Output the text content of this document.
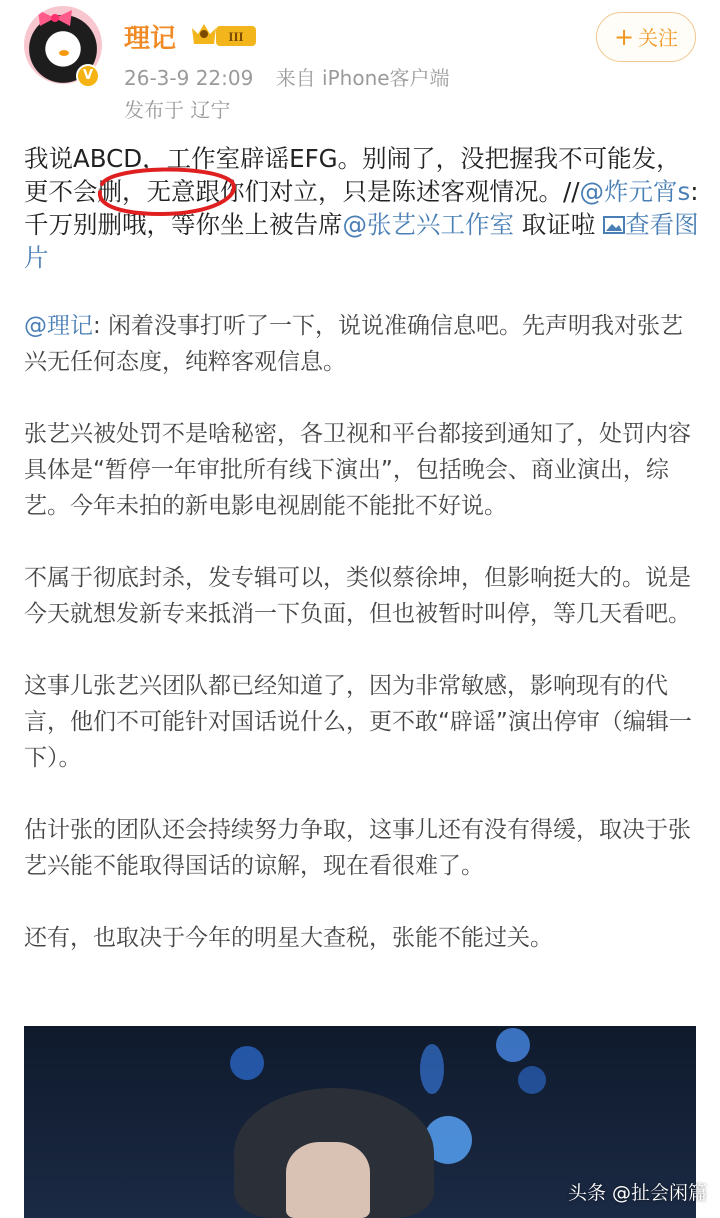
V
理记	III
26-3-9 22:09 来自 iPhone客户端
发布于 辽宁
+ 关注
我说ABCD，工作室辟谣EFG。别闹了，没把握我不可能发，更不会删，无意跟你们对立，只是陈述客观情况。//@炸元宵s:千万别删哦，等你坐上被告席@张艺兴工作室 取证啦 查看图片
@理记: 闲着没事打听了一下，说说准确信息吧。先声明我对张艺兴无任何态度，纯粹客观信息。
张艺兴被处罚不是啥秘密，各卫视和平台都接到通知了，处罚内容具体是“暂停一年审批所有线下演出”，包括晚会、商业演出，综艺。今年未拍的新电影电视剧能不能批不好说。
不属于彻底封杀，发专辑可以，类似蔡徐坤，但影响挺大的。说是今天就想发新专来抵消一下负面，但也被暂时叫停，等几天看吧。
这事儿张艺兴团队都已经知道了，因为非常敏感，影响现有的代言，他们不可能针对国话说什么，更不敢“辟谣”演出停审（编辑一下）。
估计张的团队还会持续努力争取，这事儿还有没有得缓，取决于张艺兴能不能取得国话的谅解，现在看很难了。
还有，也取决于今年的明星大查税，张能不能过关。
头条 @扯会闲篇
